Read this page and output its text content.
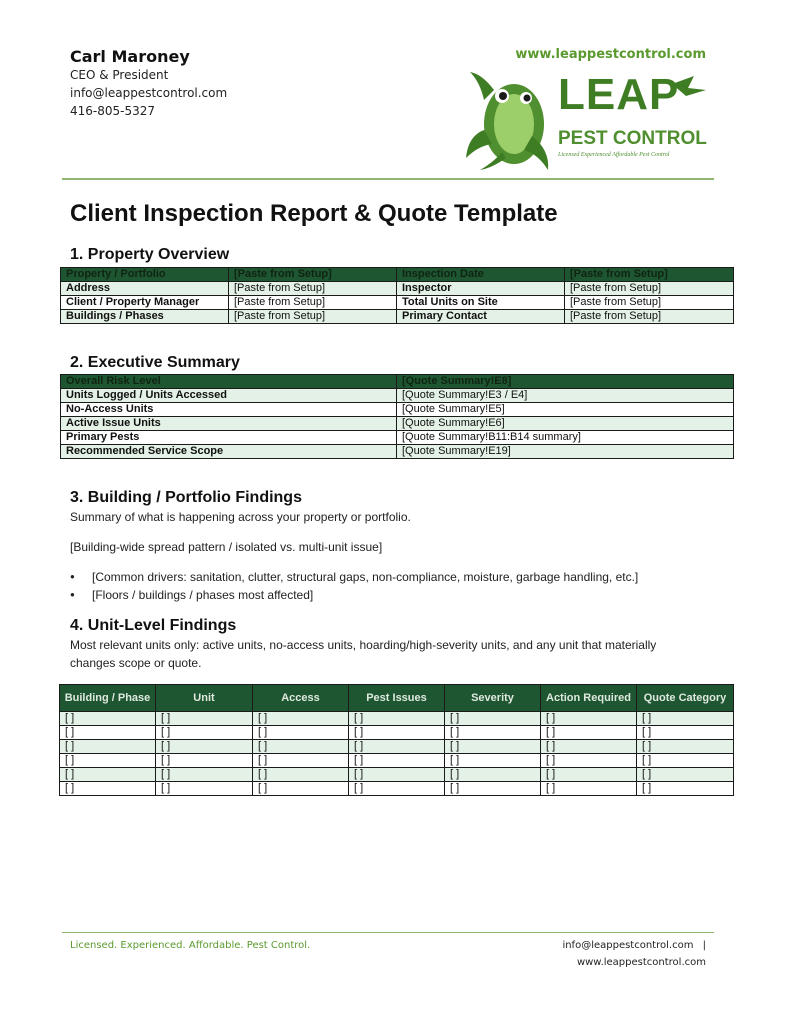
Carl Maroney
CEO & President
info@leappestcontrol.com
416-805-5327
www.leappestcontrol.com
LEAP
PEST CONTROL
Licensed Experienced Affordable Pest Control
Client Inspection Report & Quote Template
1. Property Overview
Property / Portfolio	[Paste from Setup]	Inspection Date	[Paste from Setup]
Address	[Paste from Setup]	Inspector	[Paste from Setup]
Client / Property Manager	[Paste from Setup]	Total Units on Site	[Paste from Setup]
Buildings / Phases	[Paste from Setup]	Primary Contact	[Paste from Setup]
2. Executive Summary
Overall Risk Level	[Quote Summary!E8]
Units Logged / Units Accessed	[Quote Summary!E3 / E4]
No-Access Units	[Quote Summary!E5]
Active Issue Units	[Quote Summary!E6]
Primary Pests	[Quote Summary!B11:B14 summary]
Recommended Service Scope	[Quote Summary!E19]
3. Building / Portfolio Findings
Summary of what is happening across your property or portfolio.
[Building-wide spread pattern / isolated vs. multi-unit issue]
● [Common drivers: sanitation, clutter, structural gaps, non-compliance, moisture, garbage handling, etc.]
● [Floors / buildings / phases most affected]
4. Unit-Level Findings
Most relevant units only: active units, no-access units, hoarding/high-severity units, and any unit that materially
changes scope or quote.
Building / Phase	Unit	Access	Pest Issues	Severity	Action Required	Quote Category
[ ]	[ ]	[ ]	[ ]	[ ]	[ ]	[ ]
[ ]	[ ]	[ ]	[ ]	[ ]	[ ]	[ ]
[ ]	[ ]	[ ]	[ ]	[ ]	[ ]	[ ]
[ ]	[ ]	[ ]	[ ]	[ ]	[ ]	[ ]
[ ]	[ ]	[ ]	[ ]	[ ]	[ ]	[ ]
[ ]	[ ]	[ ]	[ ]	[ ]	[ ]	[ ]
Licensed. Experienced. Affordable. Pest Control.	info@leappestcontrol.com |
www.leappestcontrol.com
